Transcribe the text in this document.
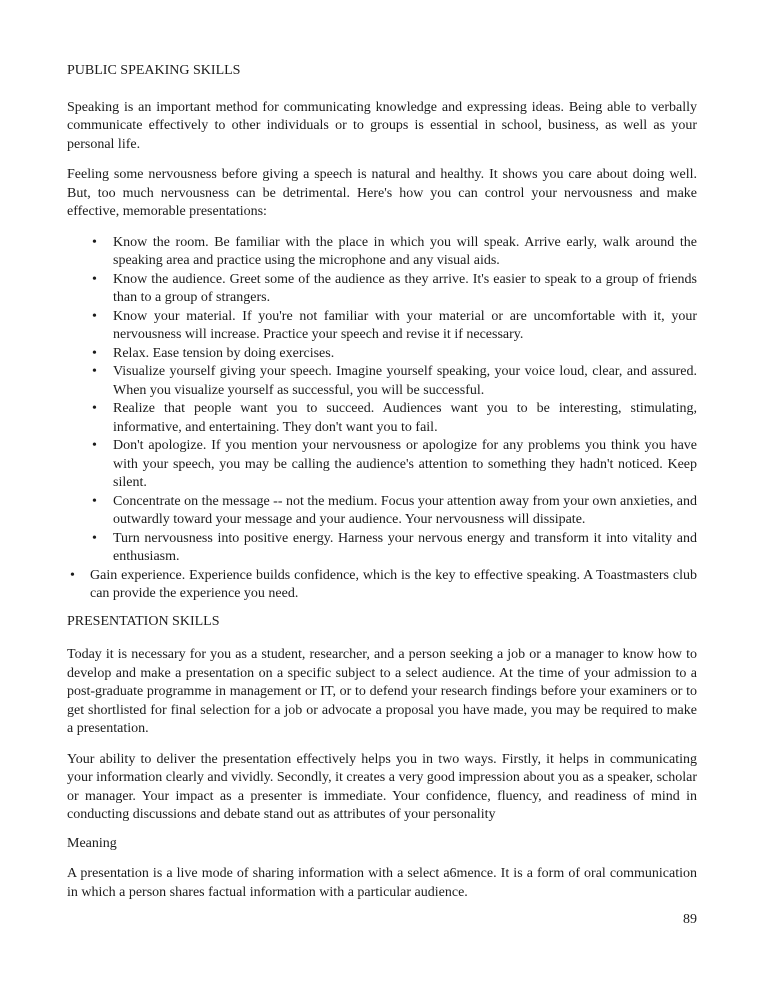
PUBLIC SPEAKING SKILLS

Speaking is an important method for communicating knowledge and expressing ideas. Being able to verbally communicate effectively to other individuals or to groups is essential in school, business, as well as your personal life.

Feeling some nervousness before giving a speech is natural and healthy. It shows you care about doing well. But, too much nervousness can be detrimental. Here's how you can control your nervousness and make effective, memorable presentations:

• Know the room. Be familiar with the place in which you will speak. Arrive early, walk around the speaking area and practice using the microphone and any visual aids.
• Know the audience. Greet some of the audience as they arrive. It's easier to speak to a group of friends than to a group of strangers.
• Know your material. If you're not familiar with your material or are uncomfortable with it, your nervousness will increase. Practice your speech and revise it if necessary.
• Relax. Ease tension by doing exercises.
• Visualize yourself giving your speech. Imagine yourself speaking, your voice loud, clear, and assured. When you visualize yourself as successful, you will be successful.
• Realize that people want you to succeed. Audiences want you to be interesting, stimulating, informative, and entertaining. They don't want you to fail.
• Don't apologize. If you mention your nervousness or apologize for any problems you think you have with your speech, you may be calling the audience's attention to something they hadn't noticed. Keep silent.
• Concentrate on the message -- not the medium. Focus your attention away from your own anxieties, and outwardly toward your message and your audience. Your nervousness will dissipate.
• Turn nervousness into positive energy. Harness your nervous energy and transform it into vitality and enthusiasm.
• Gain experience. Experience builds confidence, which is the key to effective speaking. A Toastmasters club can provide the experience you need.
PRESENTATION SKILLS

Today it is necessary for you as a student, researcher, and a person seeking a job or a manager to know how to develop and make a presentation on a specific subject to a select audience. At the time of your admission to a post-graduate programme in management or IT, or to defend your research findings before your examiners or to get shortlisted for final selection for a job or advocate a proposal you have made, you may be required to make a presentation.

Your ability to deliver the presentation effectively helps you in two ways. Firstly, it helps in communicating your information clearly and vividly. Secondly, it creates a very good impression about you as a speaker, scholar or manager. Your impact as a presenter is immediate. Your confidence, fluency, and readiness of mind in conducting discussions and debate stand out as attributes of your personality

Meaning

A presentation is a live mode of sharing information with a select a6mence. It is a form of oral communication in which a person shares factual information with a particular audience.

89
